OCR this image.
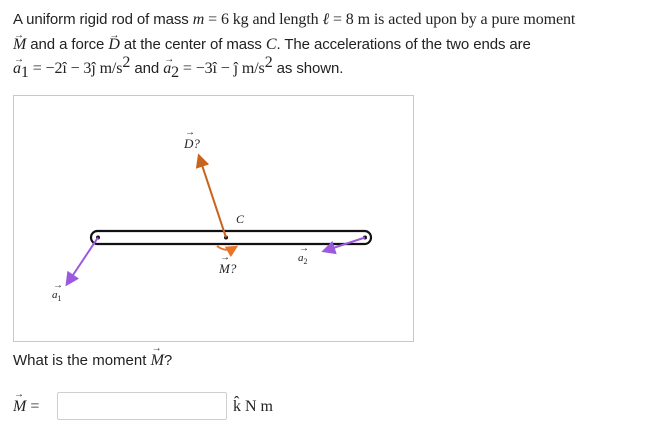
A uniform rigid rod of mass m = 6 kg and length ℓ = 8 m is acted upon by a pure moment
→ M and a force → D at the center of mass C. The accelerations of the two ends are
→ $a_1$ = −2î − 3ĵ $m/s^2$ and → $a_2$ = −3î − ĵ $m/s^2$ as shown.
→ D?
C
→ M?
→ $a_1$
→ $a_2$
What is the moment → M?
→ M =	k̂ N m
